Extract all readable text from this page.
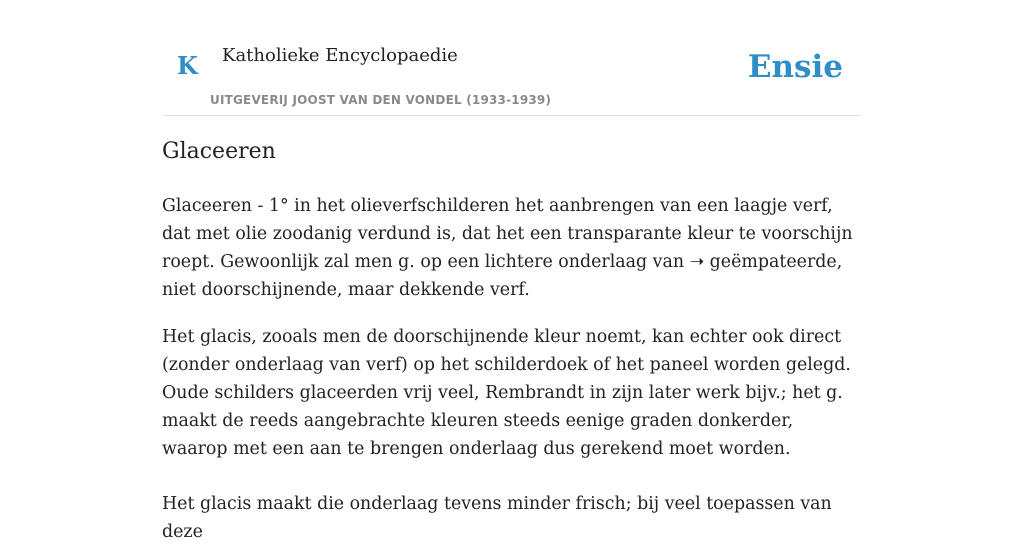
K Katholieke Encyclopaedie
UITGEVERIJ JOOST VAN DEN VONDEL (1933-1939)
Ensie
Glaceeren

Glaceeren - 1° in het olieverfschilderen het aanbrengen van een laagje verf, dat met olie zoodanig verdund is, dat het een transparante kleur te voorschijn roept. Gewoonlijk zal men g. op een lichtere onderlaag van ➝ geëmpateerde, niet doorschijnende, maar dekkende verf.

Het glacis, zooals men de doorschijnende kleur noemt, kan echter ook direct (zonder onderlaag van verf) op het schilderdoek of het paneel worden gelegd. Oude schilders glaceerden vrij veel, Rembrandt in zijn later werk bijv.; het g. maakt de reeds aangebrachte kleuren steeds eenige graden donkerder, waarop met een aan te brengen onderlaag dus gerekend moet worden.

Het glacis maakt die onderlaag tevens minder frisch; bij veel toepassen van deze
